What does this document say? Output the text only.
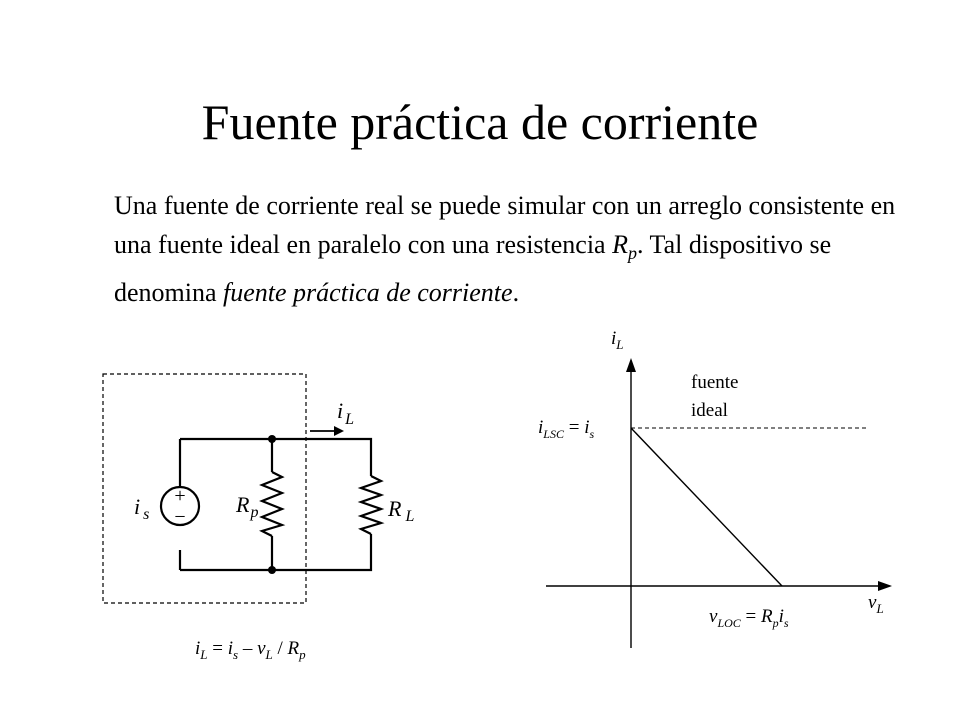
Fuente práctica de corriente
Una fuente de corriente real se puede simular con un arreglo consistente en una fuente ideal en paralelo con una resistencia $R_p$. Tal dispositivo se denomina fuente práctica de corriente.
+
−
i $_s$	$R_p$	R $_L$
i $_L$
$i_L = i_s - v_L / R_p$
$i_L$
$v_L$
fuente
ideal
$i_{LSC} = i_s$
$v_{LOC} = R_pi_s$
